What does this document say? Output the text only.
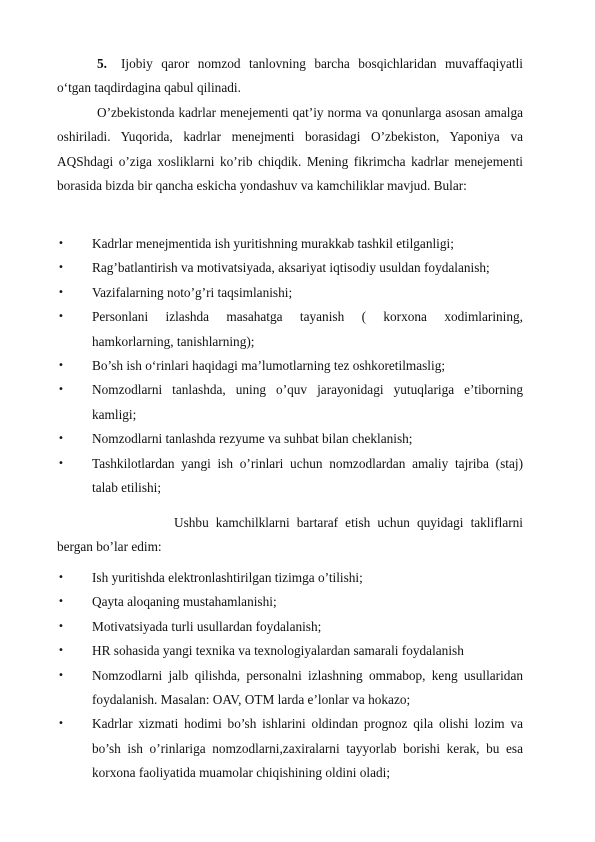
5. Ijobiy qaror nomzod tanlovning barcha bosqichlaridan muvaffaqiyatli o‘tgan taqdirdagina qabul qilinadi.

O’zbekistonda kadrlar menejementi qat’iy norma va qonunlarga asosan amalga oshiriladi. Yuqorida, kadrlar menejmenti borasidagi O’zbekiston, Yaponiya va AQShdagi o’ziga xosliklarni ko’rib chiqdik. Mening fikrimcha kadrlar menejementi borasida bizda bir qancha eskicha yondashuv va kamchiliklar mavjud. Bular:

• Kadrlar menejmentida ish yuritishning murakkab tashkil etilganligi;
• Rag’batlantirish va motivatsiyada, aksariyat iqtisodiy usuldan foydalanish;
• Vazifalarning noto’g’ri taqsimlanishi;
• Personlani izlashda masahatga tayanish ( korxona xodimlarining, hamkorlarning, tanishlarning);
• Bo’sh ish o‘rinlari haqidagi ma’lumotlarning tez oshkoretilmaslig;
• Nomzodlarni tanlashda, uning o’quv jarayonidagi yutuqlariga e’tiborning kamligi;
• Nomzodlarni tanlashda rezyume va suhbat bilan cheklanish;
• Tashkilotlardan yangi ish o’rinlari uchun nomzodlardan amaliy tajriba (staj) talab etilishi;

Ushbu kamchilklarni bartaraf etish uchun quyidagi takliflarni bergan bo’lar edim:

• Ish yuritishda elektronlashtirilgan tizimga o’tilishi;
• Qayta aloqaning mustahamlanishi;
• Motivatsiyada turli usullardan foydalanish;
• HR sohasida yangi texnika va texnologiyalardan samarali foydalanish
• Nomzodlarni jalb qilishda, personalni izlashning ommabop, keng usullaridan foydalanish. Masalan: OAV, OTM larda e’lonlar va hokazo;
• Kadrlar xizmati hodimi bo’sh ishlarini oldindan prognoz qila olishi lozim va bo’sh ish o’rinlariga nomzodlarni,zaxiralarni tayyorlab borishi kerak, bu esa korxona faoliyatida muamolar chiqishining oldini oladi;
